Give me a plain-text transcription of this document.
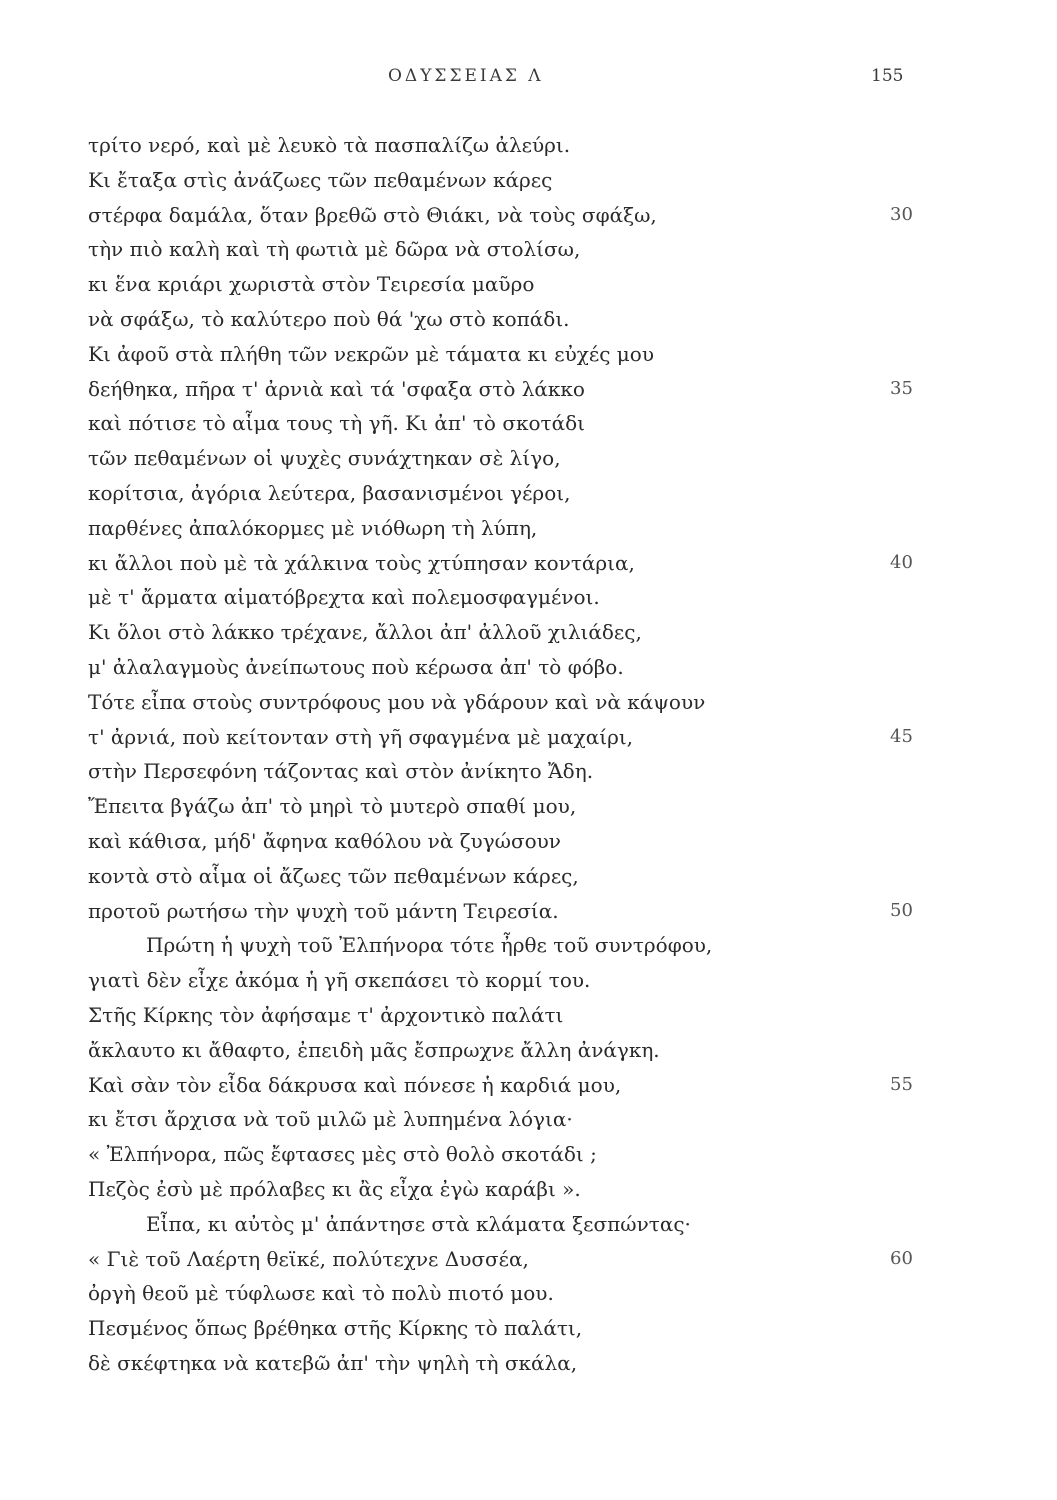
ΟΔΥΣΣΕΙΑΣ Λ	155
τρίτο νερό, καὶ μὲ λευκὸ τὰ πασπαλίζω ἀλεύρι.
Κι ἔταξα στὶς ἀνάζωες τῶν πεθαμένων κάρες
στέρφα δαμάλα, ὅταν βρεθῶ στὸ Θιάκι, νὰ τοὺς σφάξω,	30
τὴν πιὸ καλὴ καὶ τὴ φωτιὰ μὲ δῶρα νὰ στολίσω,
κι ἕνα κριάρι χωριστὰ στὸν Τειρεσία μαῦρο
νὰ σφάξω, τὸ καλύτερο ποὺ θά 'χω στὸ κοπάδι.
Κι ἀφοῦ στὰ πλήθη τῶν νεκρῶν μὲ τάματα κι εὐχές μου
δεήθηκα, πῆρα τ' ἀρνιὰ καὶ τά 'σφαξα στὸ λάκκο	35
καὶ πότισε τὸ αἷμα τους τὴ γῆ. Κι ἀπ' τὸ σκοτάδι
τῶν πεθαμένων οἱ ψυχὲς συνάχτηκαν σὲ λίγο,
κορίτσια, ἀγόρια λεύτερα, βασανισμένοι γέροι,
παρθένες ἀπαλόκορμες μὲ νιόθωρη τὴ λύπη,
κι ἄλλοι ποὺ μὲ τὰ χάλκινα τοὺς χτύπησαν κοντάρια,	40
μὲ τ' ἄρματα αἱματόβρεχτα καὶ πολεμοσφαγμένοι.
Κι ὅλοι στὸ λάκκο τρέχανε, ἄλλοι ἀπ' ἀλλοῦ χιλιάδες,
μ' ἀλαλαγμοὺς ἀνείπωτους ποὺ κέρωσα ἀπ' τὸ φόβο.
Τότε εἶπα στοὺς συντρόφους μου νὰ γδάρουν καὶ νὰ κάψουν
τ' ἀρνιά, ποὺ κείτονταν στὴ γῆ σφαγμένα μὲ μαχαίρι,	45
στὴν Περσεφόνη τάζοντας καὶ στὸν ἀνίκητο Ἄδη.
Ἔπειτα βγάζω ἀπ' τὸ μηρὶ τὸ μυτερὸ σπαθί μου,
καὶ κάθισα, μήδ' ἄφηνα καθόλου νὰ ζυγώσουν
κοντὰ στὸ αἷμα οἱ ἄζωες τῶν πεθαμένων κάρες,
προτοῦ ρωτήσω τὴν ψυχὴ τοῦ μάντη Τειρεσία.	50
Πρώτη ἡ ψυχὴ τοῦ Ἐλπήνορα τότε ἦρθε τοῦ συντρόφου,
γιατὶ δὲν εἶχε ἀκόμα ἡ γῆ σκεπάσει τὸ κορμί του.
Στῆς Κίρκης τὸν ἀφήσαμε τ' ἀρχοντικὸ παλάτι
ἄκλαυτο κι ἄθαφτο, ἐπειδὴ μᾶς ἔσπρωχνε ἄλλη ἀνάγκη.
Καὶ σὰν τὸν εἶδα δάκρυσα καὶ πόνεσε ἡ καρδιά μου,	55
κι ἔτσι ἄρχισα νὰ τοῦ μιλῶ μὲ λυπημένα λόγια·
« Ἐλπήνορα, πῶς ἔφτασες μὲς στὸ θολὸ σκοτάδι ;
Πεζὸς ἐσὺ μὲ πρόλαβες κι ἂς εἶχα ἐγὼ καράβι ».
Εἶπα, κι αὐτὸς μ' ἀπάντησε στὰ κλάματα ξεσπώντας·
« Γιὲ τοῦ Λαέρτη θεϊκέ, πολύτεχνε Δυσσέα,	60
ὀργὴ θεοῦ μὲ τύφλωσε καὶ τὸ πολὺ πιοτό μου.
Πεσμένος ὅπως βρέθηκα στῆς Κίρκης τὸ παλάτι,
δὲ σκέφτηκα νὰ κατεβῶ ἀπ' τὴν ψηλὴ τὴ σκάλα,
